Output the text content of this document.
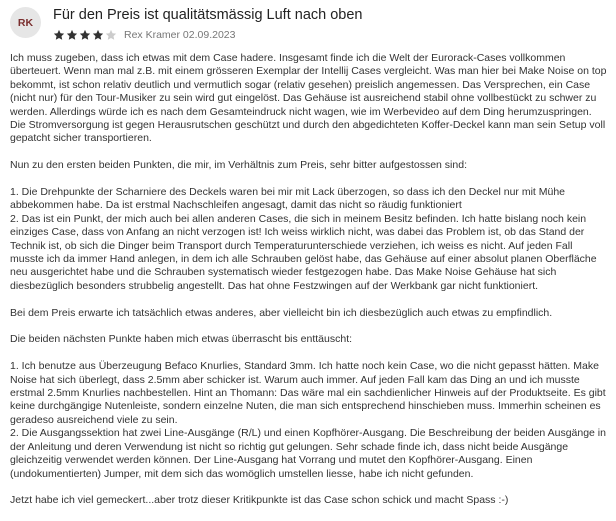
RK Für den Preis ist qualitätsmässig Luft nach oben
Rex Kramer 02.09.2023

Ich muss zugeben, dass ich etwas mit dem Case hadere. Insgesamt finde ich die Welt der Eurorack-Cases vollkommen überteuert. Wenn man mal z.B. mit einem grösseren Exemplar der Intellij Cases vergleicht. Was man hier bei Make Noise on top bekommt, ist schon relativ deutlich und vermutlich sogar (relativ gesehen) preislich angemessen. Das Versprechen, ein Case (nicht nur) für den Tour-Musiker zu sein wird gut eingelöst. Das Gehäuse ist ausreichend stabil ohne vollbestückt zu schwer zu werden. Allerdings würde ich es nach dem Gesamteindruck nicht wagen, wie im Werbevideo auf dem Ding herumzuspringen. Die Stromversorgung ist gegen Herausrutschen geschützt und durch den abgedichteten Koffer-Deckel kann man sein Setup voll gepatcht sicher transportieren.

Nun zu den ersten beiden Punkten, die mir, im Verhältnis zum Preis, sehr bitter aufgestossen sind:

1. Die Drehpunkte der Scharniere des Deckels waren bei mir mit Lack überzogen, so dass ich den Deckel nur mit Mühe abbekommen habe. Da ist erstmal Nachschleifen angesagt, damit das nicht so räudig funktioniert

2. Das ist ein Punkt, der mich auch bei allen anderen Cases, die sich in meinem Besitz befinden. Ich hatte bislang noch kein einziges Case, dass von Anfang an nicht verzogen ist! Ich weiss wirklich nicht, was dabei das Problem ist, ob das Stand der Technik ist, ob sich die Dinger beim Transport durch Temperaturunterschiede verziehen, ich weiss es nicht. Auf jeden Fall musste ich da immer Hand anlegen, in dem ich alle Schrauben gelöst habe, das Gehäuse auf einer absolut planen Oberfläche neu ausgerichtet habe und die Schrauben systematisch wieder festgezogen habe. Das Make Noise Gehäuse hat sich diesbezüglich besonders strubbelig angestellt. Das hat ohne Festzwingen auf der Werkbank gar nicht funktioniert.

Bei dem Preis erwarte ich tatsächlich etwas anderes, aber vielleicht bin ich diesbezüglich auch etwas zu empfindlich.

Die beiden nächsten Punkte haben mich etwas überrascht bis enttäuscht:

1. Ich benutze aus Überzeugung Befaco Knurlies, Standard 3mm. Ich hatte noch kein Case, wo die nicht gepasst hätten. Make Noise hat sich überlegt, dass 2.5mm aber schicker ist. Warum auch immer. Auf jeden Fall kam das Ding an und ich musste erstmal 2.5mm Knurlies nachbestellen. Hint an Thomann: Das wäre mal ein sachdienlicher Hinweis auf der Produktseite. Es gibt keine durchgängige Nutenleiste, sondern einzelne Nuten, die man sich entsprechend hinschieben muss. Immerhin scheinen es geradeso ausreichend viele zu sein.

2. Die Ausgangssektion hat zwei Line-Ausgänge (R/L) und einen Kopfhörer-Ausgang. Die Beschreibung der beiden Ausgänge in der Anleitung und deren Verwendung ist nicht so richtig gut gelungen. Sehr schade finde ich, dass nicht beide Ausgänge gleichzeitig verwendet werden können. Der Line-Ausgang hat Vorrang und mutet den Kopfhörer-Ausgang. Einen (undokumentierten) Jumper, mit dem sich das womöglich umstellen liesse, habe ich nicht gefunden.

Jetzt habe ich viel gemeckert...aber trotz dieser Kritikpunkte ist das Case schon schick und macht Spass :-)
